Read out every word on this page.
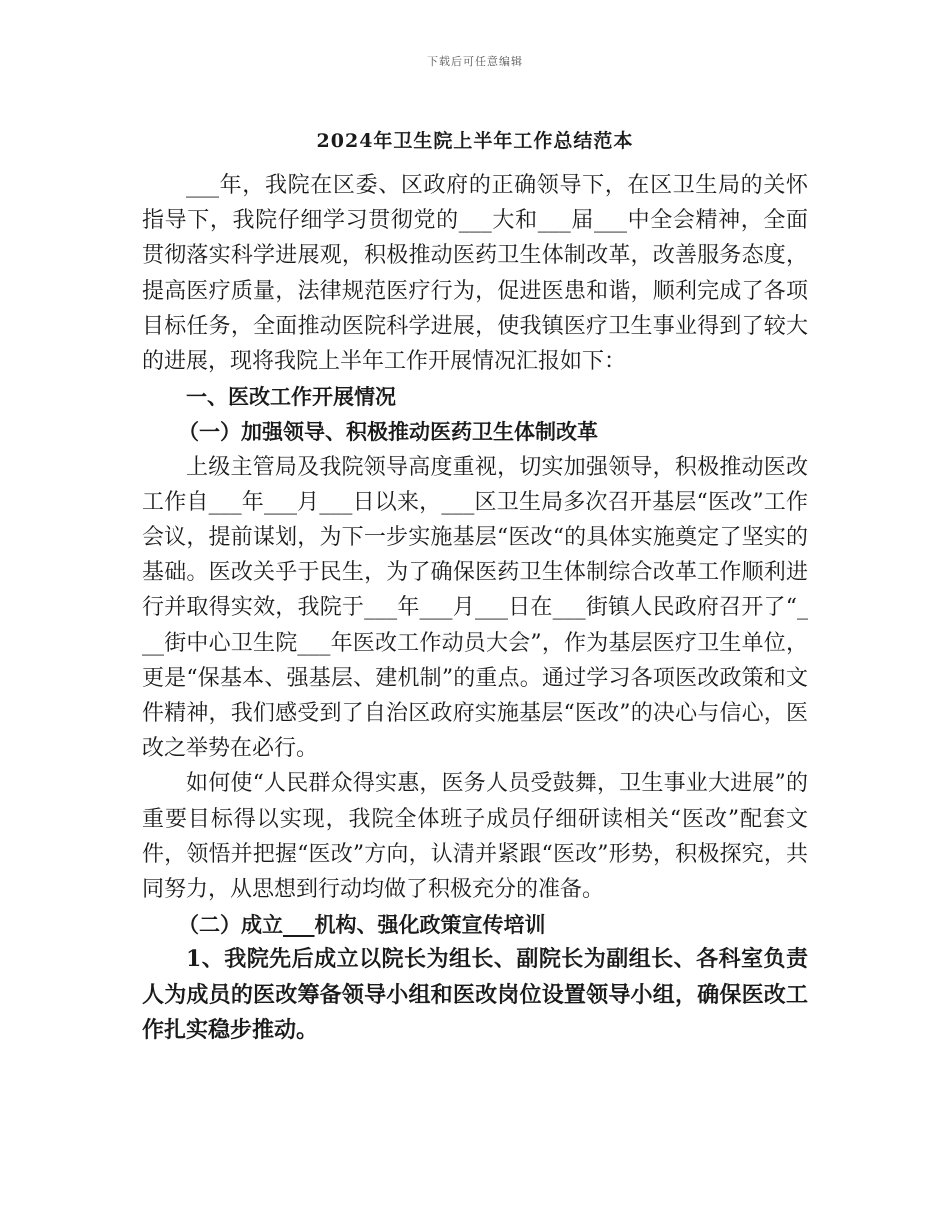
下载后可任意编辑
2024年卫生院上半年工作总结范本

___年，我院在区委、区政府的正确领导下，在区卫生局的关怀指导下，我院仔细学习贯彻党的___大和___届___中全会精神，全面贯彻落实科学进展观，积极推动医药卫生体制改革，改善服务态度，提高医疗质量，法律规范医疗行为，促进医患和谐，顺利完成了各项目标任务，全面推动医院科学进展，使我镇医疗卫生事业得到了较大的进展，现将我院上半年工作开展情况汇报如下：

一、医改工作开展情况

（一）加强领导、积极推动医药卫生体制改革

上级主管局及我院领导高度重视，切实加强领导，积极推动医改工作自___年___月___日以来，___区卫生局多次召开基层“医改”工作会议，提前谋划，为下一步实施基层“医改“的具体实施奠定了坚实的基础。医改关乎于民生，为了确保医药卫生体制综合改革工作顺利进行并取得实效，我院于___年___月___日在___街镇人民政府召开了“___街中心卫生院___年医改工作动员大会”，作为基层医疗卫生单位，更是“保基本、强基层、建机制”的重点。通过学习各项医改政策和文件精神，我们感受到了自治区政府实施基层“医改”的决心与信心，医改之举势在必行。

如何使“人民群众得实惠，医务人员受鼓舞，卫生事业大进展”的重要目标得以实现，我院全体班子成员仔细研读相关“医改”配套文件，领悟并把握“医改”方向，认清并紧跟“医改”形势，积极探究，共同努力，从思想到行动均做了积极充分的准备。

（二）成立___机构、强化政策宣传培训

1、我院先后成立以院长为组长、副院长为副组长、各科室负责人为成员的医改筹备领导小组和医改岗位设置领导小组，确保医改工作扎实稳步推动。
